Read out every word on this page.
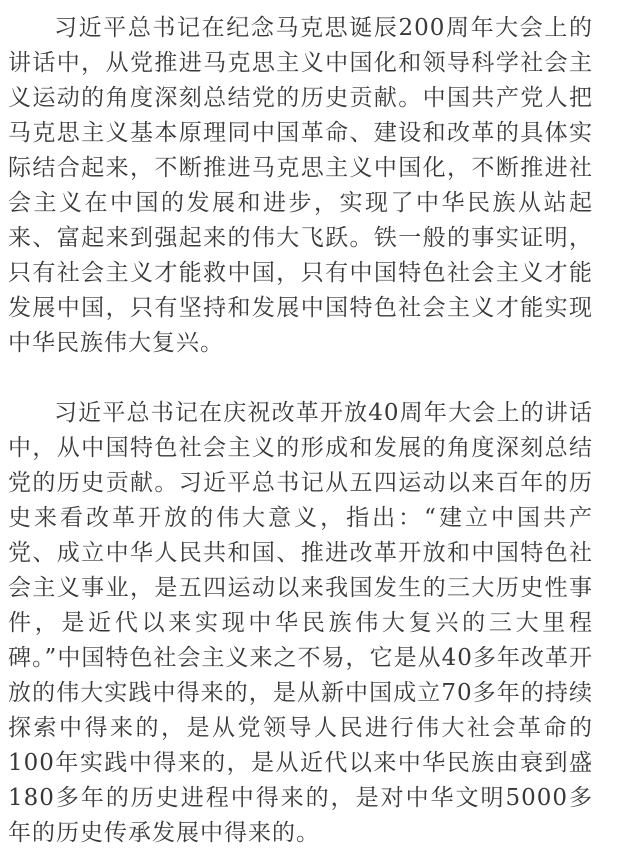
习近平总书记在纪念马克思诞辰200周年大会上的讲话中，从党推进马克思主义中国化和领导科学社会主义运动的角度深刻总结党的历史贡献。中国共产党人把马克思主义基本原理同中国革命、建设和改革的具体实际结合起来，不断推进马克思主义中国化，不断推进社会主义在中国的发展和进步，实现了中华民族从站起来、富起来到强起来的伟大飞跃。铁一般的事实证明，只有社会主义才能救中国，只有中国特色社会主义才能发展中国，只有坚持和发展中国特色社会主义才能实现中华民族伟大复兴。

习近平总书记在庆祝改革开放40周年大会上的讲话中，从中国特色社会主义的形成和发展的角度深刻总结党的历史贡献。习近平总书记从五四运动以来百年的历史来看改革开放的伟大意义，指出：“建立中国共产党、成立中华人民共和国、推进改革开放和中国特色社会主义事业，是五四运动以来我国发生的三大历史性事件，是近代以来实现中华民族伟大复兴的三大里程碑。”中国特色社会主义来之不易，它是从40多年改革开放的伟大实践中得来的，是从新中国成立70多年的持续探索中得来的，是从党领导人民进行伟大社会革命的100年实践中得来的，是从近代以来中华民族由衰到盛180多年的历史进程中得来的，是对中华文明5000多年的历史传承发展中得来的。
